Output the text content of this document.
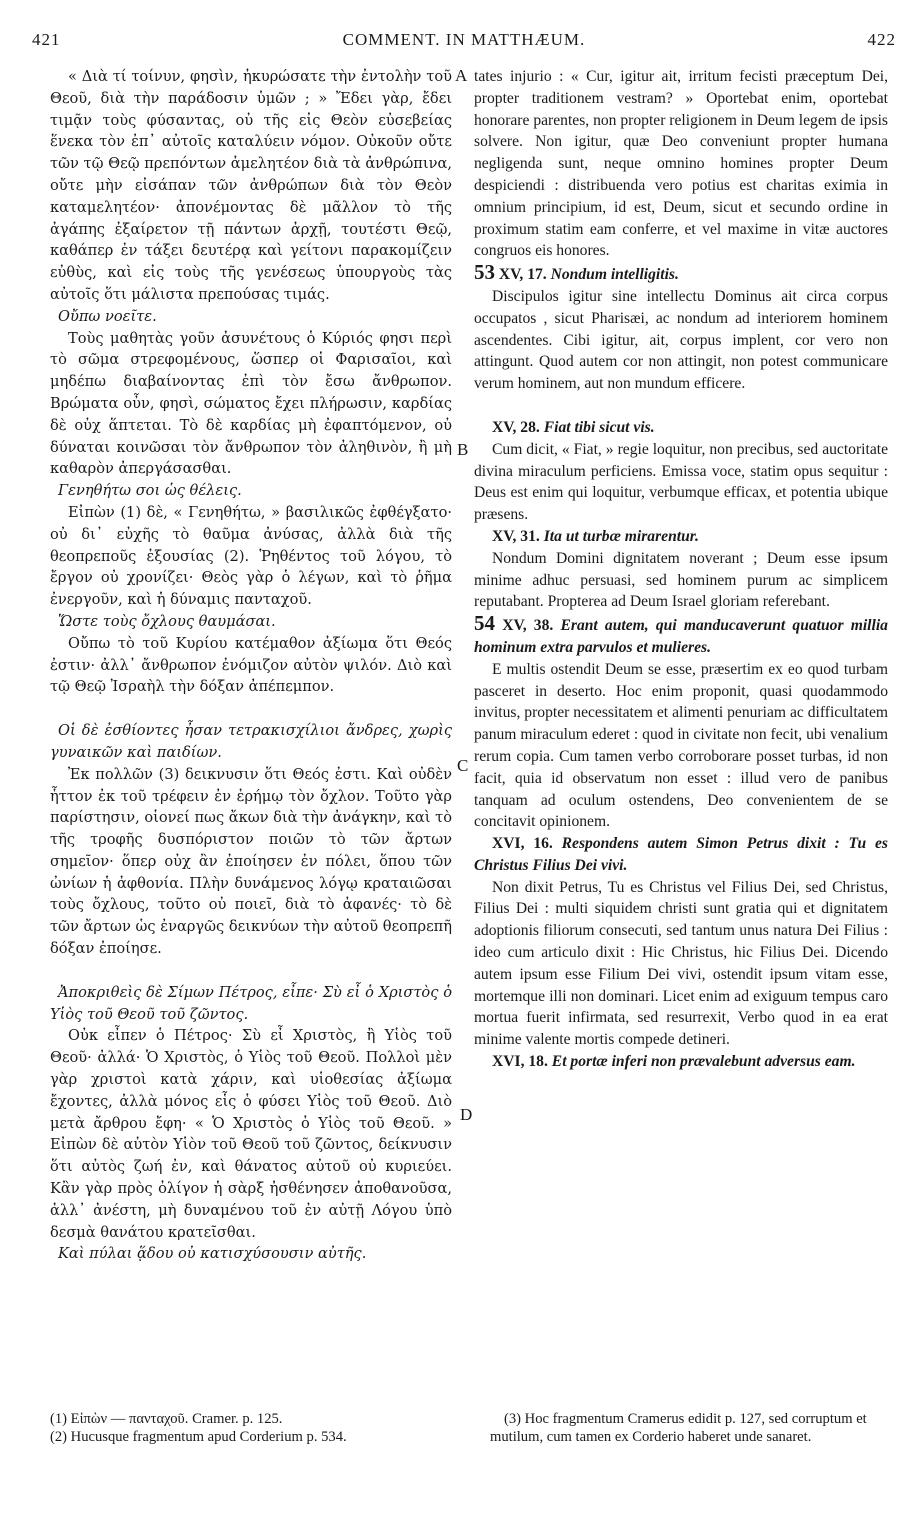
421	COMMENT. IN MATTHÆUM.	422
A
B
C
D

« Διὰ τί τοίνυν, φησὶν, ἠκυρώσατε τὴν ἐντολὴν τοῦ Θεοῦ, διὰ τὴν παράδοσιν ὑμῶν ; » Ἔδει γὰρ, ἔδει τιμᾷν τοὺς φύσαντας, οὐ τῆς εἰς Θεὸν εὐσεβείας ἕνεκα τὸν ἐπ᾽ αὐτοῖς καταλύειν νόμον. Οὐκοῦν οὔτε τῶν τῷ Θεῷ πρεπόντων ἀμελητέον διὰ τὰ ἀνθρώπινα, οὔτε μὴν εἰσάπαν τῶν ἀνθρώπων διὰ τὸν Θεὸν καταμελητέον· ἀπονέμοντας δὲ μᾶλλον τὸ τῆς ἀγάπης ἐξαίρετον τῇ πάντων ἀρχῇ, τουτέστι Θεῷ, καθάπερ ἐν τάξει δευτέρᾳ καὶ γείτονι παρακομίζειν εὐθὺς, καὶ εἰς τοὺς τῆς γενέσεως ὑπουργοὺς τὰς αὐτοῖς ὅτι μάλιστα πρεπούσας τιμάς.

Οὔπω νοεῖτε.

Τοὺς μαθητὰς γοῦν ἀσυνέτους ὁ Κύριός φησι περὶ τὸ σῶμα στρεφομένους, ὥσπερ οἱ Φαρισαῖοι, καὶ μηδέπω διαβαίνοντας ἐπὶ τὸν ἔσω ἄνθρωπον. Βρώματα οὖν, φησὶ, σώματος ἔχει πλήρωσιν, καρδίας δὲ οὐχ ἅπτεται. Τὸ δὲ καρδίας μὴ ἐφαπτόμενον, οὐ δύναται κοινῶσαι τὸν ἄνθρωπον τὸν ἀληθινὸν, ἢ μὴ καθαρὸν ἀπεργάσασθαι.

Γενηθήτω σοι ὡς θέλεις.

Εἰπὼν (1) δὲ, « Γενηθήτω, » βασιλικῶς ἐφθέγξατο· οὐ δι᾽ εὐχῆς τὸ θαῦμα ἀνύσας, ἀλλὰ διὰ τῆς θεοπρεποῦς ἐξουσίας (2). Ῥηθέντος τοῦ λόγου, τὸ ἔργον οὐ χρονίζει· Θεὸς γὰρ ὁ λέγων, καὶ τὸ ῥῆμα ἐνεργοῦν, καὶ ἡ δύναμις πανταχοῦ.

Ὥστε τοὺς ὄχλους θαυμάσαι.

Οὔπω τὸ τοῦ Κυρίου κατέμαθον ἀξίωμα ὅτι Θεός ἐστιν· ἀλλ᾽ ἄνθρωπον ἐνόμιζον αὐτὸν ψιλόν. Διὸ καὶ τῷ Θεῷ Ἰσραὴλ τὴν δόξαν ἀπέπεμπον.

Οἱ δὲ ἐσθίοντες ἦσαν τετρακισχίλιοι ἄνδρες, χωρὶς γυναικῶν καὶ παιδίων.

Ἐκ πολλῶν (3) δεικνυσιν ὅτι Θεός ἐστι. Καὶ οὐδὲν ἧττον ἐκ τοῦ τρέφειν ἐν ἐρήμῳ τὸν ὄχλον. Τοῦτο γὰρ παρίστησιν, οἱονεί πως ἄκων διὰ τὴν ἀνάγκην, καὶ τὸ τῆς τροφῆς δυσπόριστον ποιῶν τὸ τῶν ἄρτων σημεῖον· ὅπερ οὐχ ἂν ἐποίησεν ἐν πόλει, ὅπου τῶν ὠνίων ἡ ἀφθονία. Πλὴν δυνάμενος λόγῳ κραταιῶσαι τοὺς ὄχλους, τοῦτο οὐ ποιεῖ, διὰ τὸ ἀφανές· τὸ δὲ τῶν ἄρτων ὡς ἐναργῶς δεικνύων τὴν αὐτοῦ θεοπρεπῆ δόξαν ἐποίησε.

Ἀποκριθεὶς δὲ Σίμων Πέτρος, εἶπε· Σὺ εἶ ὁ Χριστὸς ὁ Υἱὸς τοῦ Θεοῦ τοῦ ζῶντος.

Οὐκ εἶπεν ὁ Πέτρος· Σὺ εἶ Χριστὸς, ἢ Υἱὸς τοῦ Θεοῦ· ἀλλά· Ὁ Χριστὸς, ὁ Υἱὸς τοῦ Θεοῦ. Πολλοὶ μὲν γὰρ χριστοὶ κατὰ χάριν, καὶ υἱοθεσίας ἀξίωμα ἔχοντες, ἀλλὰ μόνος εἷς ὁ φύσει Υἱὸς τοῦ Θεοῦ. Διὸ μετὰ ἄρθρου ἔφη· « Ὁ Χριστὸς ὁ Υἱὸς τοῦ Θεοῦ. » Εἰπὼν δὲ αὐτὸν Υἱὸν τοῦ Θεοῦ τοῦ ζῶντος, δείκνυσιν ὅτι αὐτὸς ζωή ἐν, καὶ θάνατος αὐτοῦ οὐ κυριεύει. Κἂν γὰρ πρὸς ὀλίγον ἡ σὰρξ ἠσθένησεν ἀποθανοῦσα, ἀλλ᾽ ἀνέστη, μὴ δυναμένου τοῦ ἐν αὐτῇ Λόγου ὑπὸ δεσμὰ θανάτου κρατεῖσθαι.

Καὶ πύλαι ᾅδου οὐ κατισχύσουσιν αὐτῆς.

tates injurio : « Cur, igitur ait, irritum fecisti præceptum Dei, propter traditionem vestram? » Oportebat enim, oportebat honorare parentes, non propter religionem in Deum legem de ipsis solvere. Non igitur, quæ Deo conveniunt propter humana negligenda sunt, neque omnino homines propter Deum despiciendi : distribuenda vero potius est charitas eximia in omnium principium, id est, Deum, sicut et secundo ordine in proximum statim eam conferre, et vel maxime in vitæ auctores congruos eis honores.

53 XV, 17. Nondum intelligitis.

Discipulos igitur sine intellectu Dominus ait circa corpus occupatos , sicut Pharisæi, ac nondum ad interiorem hominem ascendentes. Cibi igitur, ait, corpus implent, cor vero non attingunt. Quod autem cor non attingit, non potest communicare verum hominem, aut non mundum efficere.

XV, 28. Fiat tibi sicut vis.

Cum dicit, « Fiat, » regie loquitur, non precibus, sed auctoritate divina miraculum perficiens. Emissa voce, statim opus sequitur : Deus est enim qui loquitur, verbumque efficax, et potentia ubique præsens.

XV, 31. Ita ut turbæ mirarentur.

Nondum Domini dignitatem noverant ; Deum esse ipsum minime adhuc persuasi, sed hominem purum ac simplicem reputabant. Propterea ad Deum Israel gloriam referebant.

54 XV, 38. Erant autem, qui manducaverunt quatuor millia hominum extra parvulos et mulieres.

E multis ostendit Deum se esse, præsertim ex eo quod turbam pasceret in deserto. Hoc enim proponit, quasi quodammodo invitus, propter necessitatem et alimenti penuriam ac difficultatem panum miraculum ederet : quod in civitate non fecit, ubi venalium rerum copia. Cum tamen verbo corroborare posset turbas, id non facit, quia id observatum non esset : illud vero de panibus tanquam ad oculum ostendens, Deo convenientem de se concitavit opinionem.

XVI, 16. Respondens autem Simon Petrus dixit : Tu es Christus Filius Dei vivi.

Non dixit Petrus, Tu es Christus vel Filius Dei, sed Christus, Filius Dei : multi siquidem christi sunt gratia qui et dignitatem adoptionis filiorum consecuti, sed tantum unus natura Dei Filius : ideo cum articulo dixit : Hic Christus, hic Filius Dei. Dicendo autem ipsum esse Filium Dei vivi, ostendit ipsum vitam esse, mortemque illi non dominari. Licet enim ad exiguum tempus caro mortua fuerit infirmata, sed resurrexit, Verbo quod in ea erat minime valente mortis compede detineri.

XVI, 18. Et portæ inferi non prævalebunt adversus eam.

(1) Εἰπὼν — πανταχοῦ. Cramer. p. 125.

(2) Hucusque fragmentum apud Corderium p. 534.

(3) Hoc fragmentum Cramerus edidit p. 127, sed corruptum et mutilum, cum tamen ex Corderio haberet unde sanaret.
